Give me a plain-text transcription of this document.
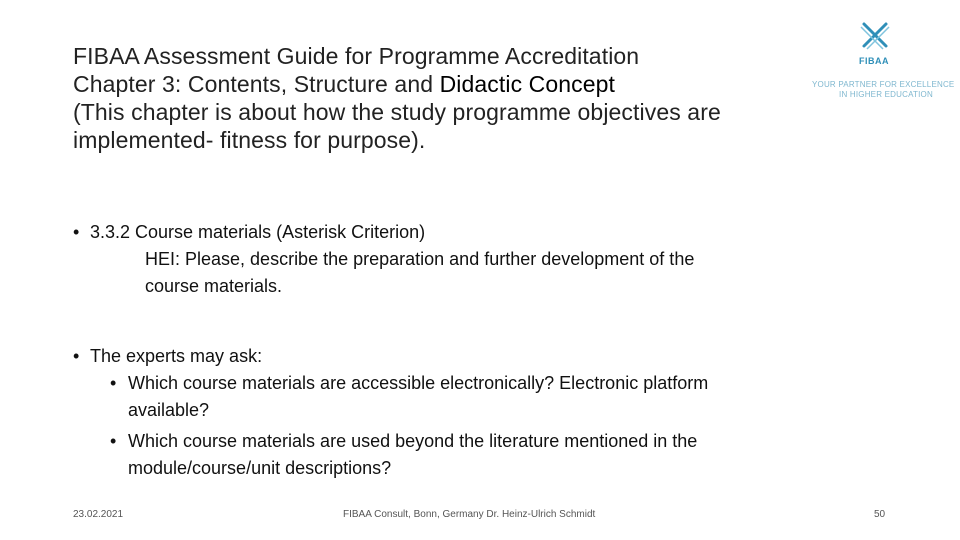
FIBAA Assessment Guide for Programme Accreditation
Chapter 3: Contents, Structure and Didactic Concept
(This chapter is about how the study programme objectives are
implemented- fitness for purpose).
FIBAA
YOUR PARTNER FOR EXCELLENCE
IN HIGHER EDUCATION
• 3.3.2 Course materials (Asterisk Criterion)
HEI: Please, describe the preparation and further development of the
course materials.
• The experts may ask:
• Which course materials are accessible electronically? Electronic platform
available?
• Which course materials are used beyond the literature mentioned in the
module/course/unit descriptions?
23.02.2021	FIBAA Consult, Bonn, Germany Dr. Heinz-Ulrich Schmidt	50
